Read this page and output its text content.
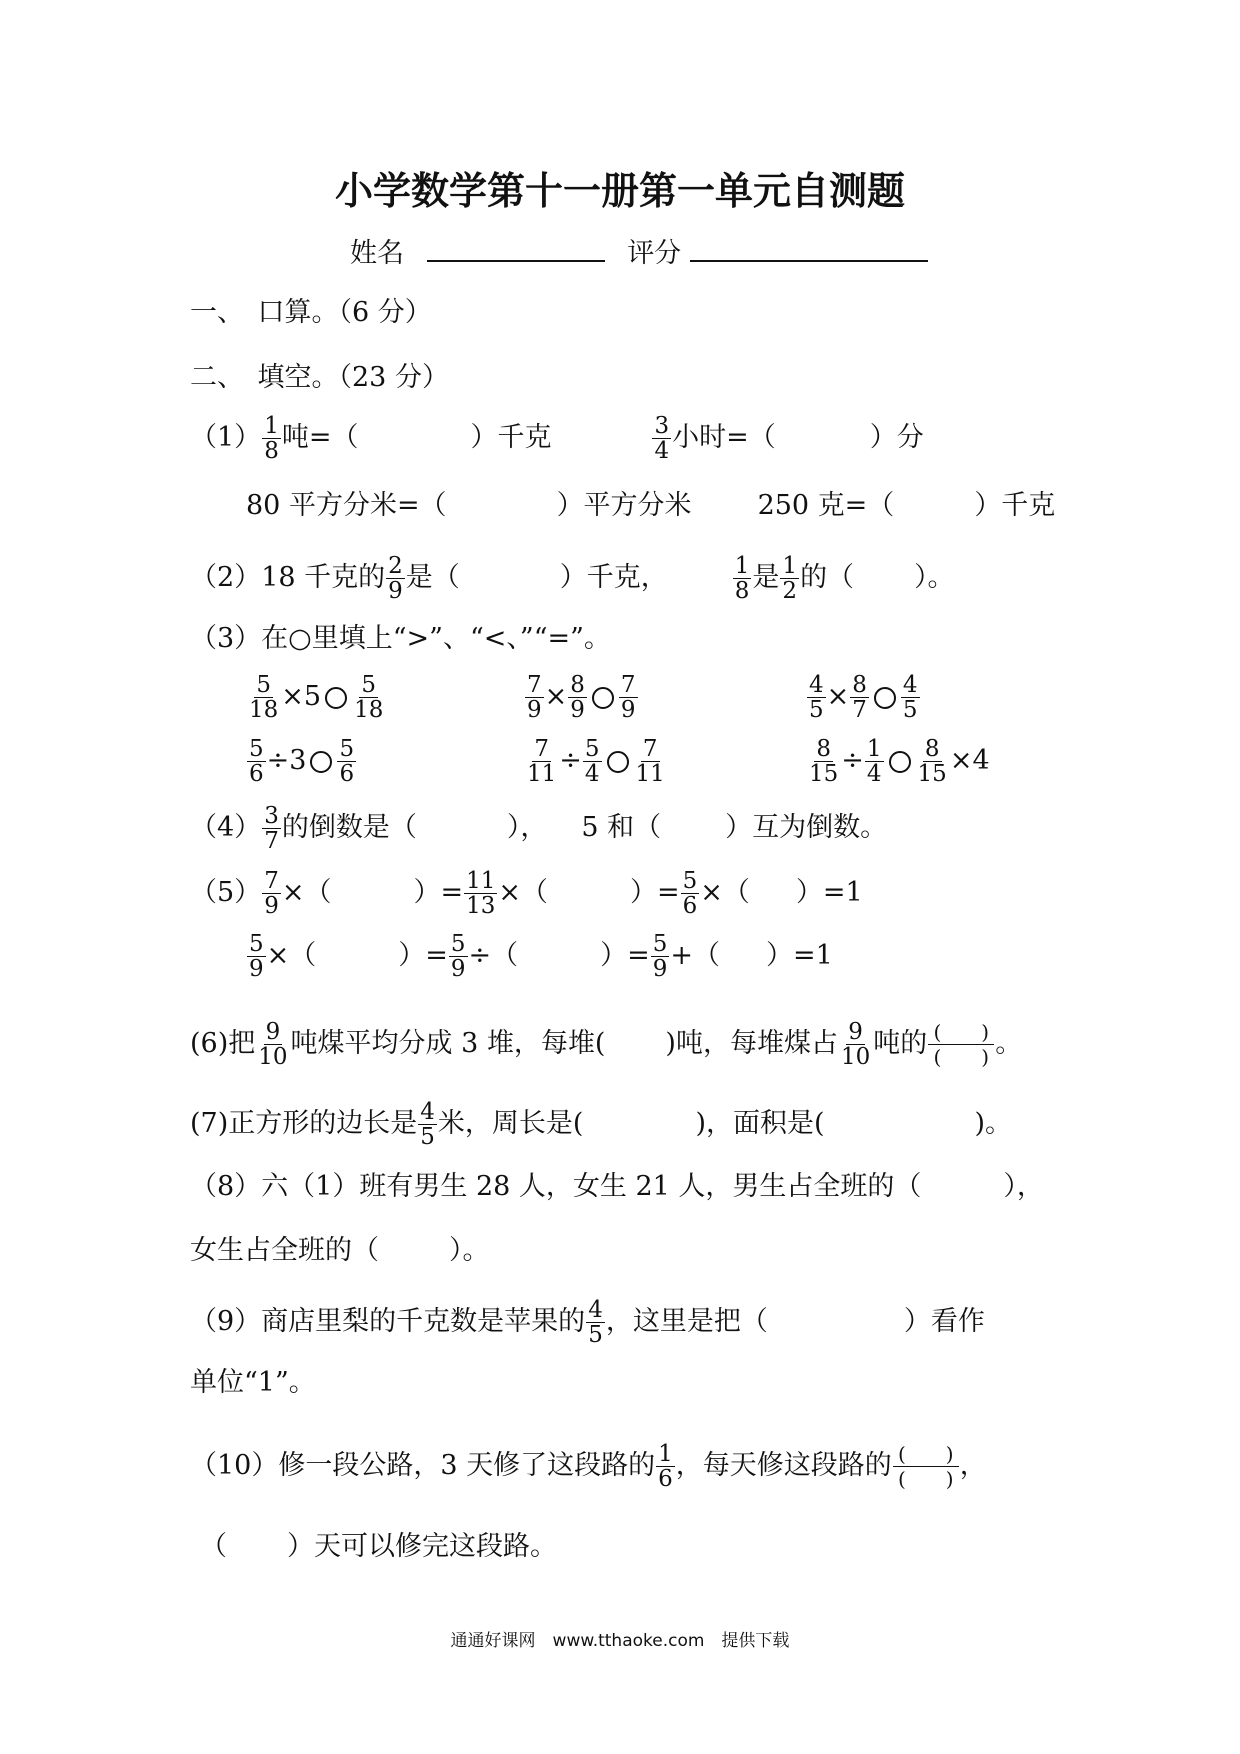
小学数学第十一册第一单元自测题
姓名	评分
一、　口算。（6 分）
二、　填空。（23 分）
$(1) \frac{1}{8}$ 吨=（	）千克	$\frac{3}{4}$ 小时=（	）分
80 平方分米=（	）平方分米 250 克=（	）千克
（2）18 千克的 $\frac{2}{9}$ 是（	）千克，	$\frac{1}{8}$ 是 $\frac{1}{2}$ 的（ ）。
（3）在○里填上“>”、“<、”“=”。
$\frac{5}{18} \times 5 \frac{5}{18}$	$\frac{7}{9} \times \frac{8}{9} \frac{7}{9}$	$\frac{4}{5} \times \frac{8}{7} \frac{4}{5}$
$\frac{5}{6} \div 3 \frac{5}{6}$	$\frac{7}{11} \div \frac{5}{4} \frac{7}{11}$	$\frac{8}{15} \div \frac{1}{4} \frac{8}{15} \times 4$
$(4) \frac{3}{7}$ 的倒数是（	）， 5 和（ ）互为倒数。
$(5) \frac{7}{9}$ ×（	）= $\frac{11}{13}$ ×（	）= $\frac{5}{6}$ ×（ ）=1
$\frac{5}{9}$ ×（	）= $\frac{5}{9}$ ÷（	）= $\frac{5}{9}$ +（ ）=1
(6)把 $\frac{9}{10}$ 吨煤平均分成 3 堆，每堆( )吨，每堆煤占 $\frac{9}{10}$ 吨的 $\frac{( )}{( )}$ 。
(7)正方形的边长是 $\frac{4}{5}$ 米，周长是(	)，面积是(	)。
（8）六（1）班有男生 28 人，女生 21 人，男生占全班的（	），
女生占全班的（	）。
（9）商店里梨的千克数是苹果的 $\frac{4}{5}$ ，这里是把（	）看作
单位“1”。
（10）修一段公路，3 天修了这段路的 $\frac{1}{6}$ ，每天修这段路的 $\frac{( )}{( )}$ ，
（ ）天可以修完这段路。
通通好课网　www.tthaoke.com　提供下载
